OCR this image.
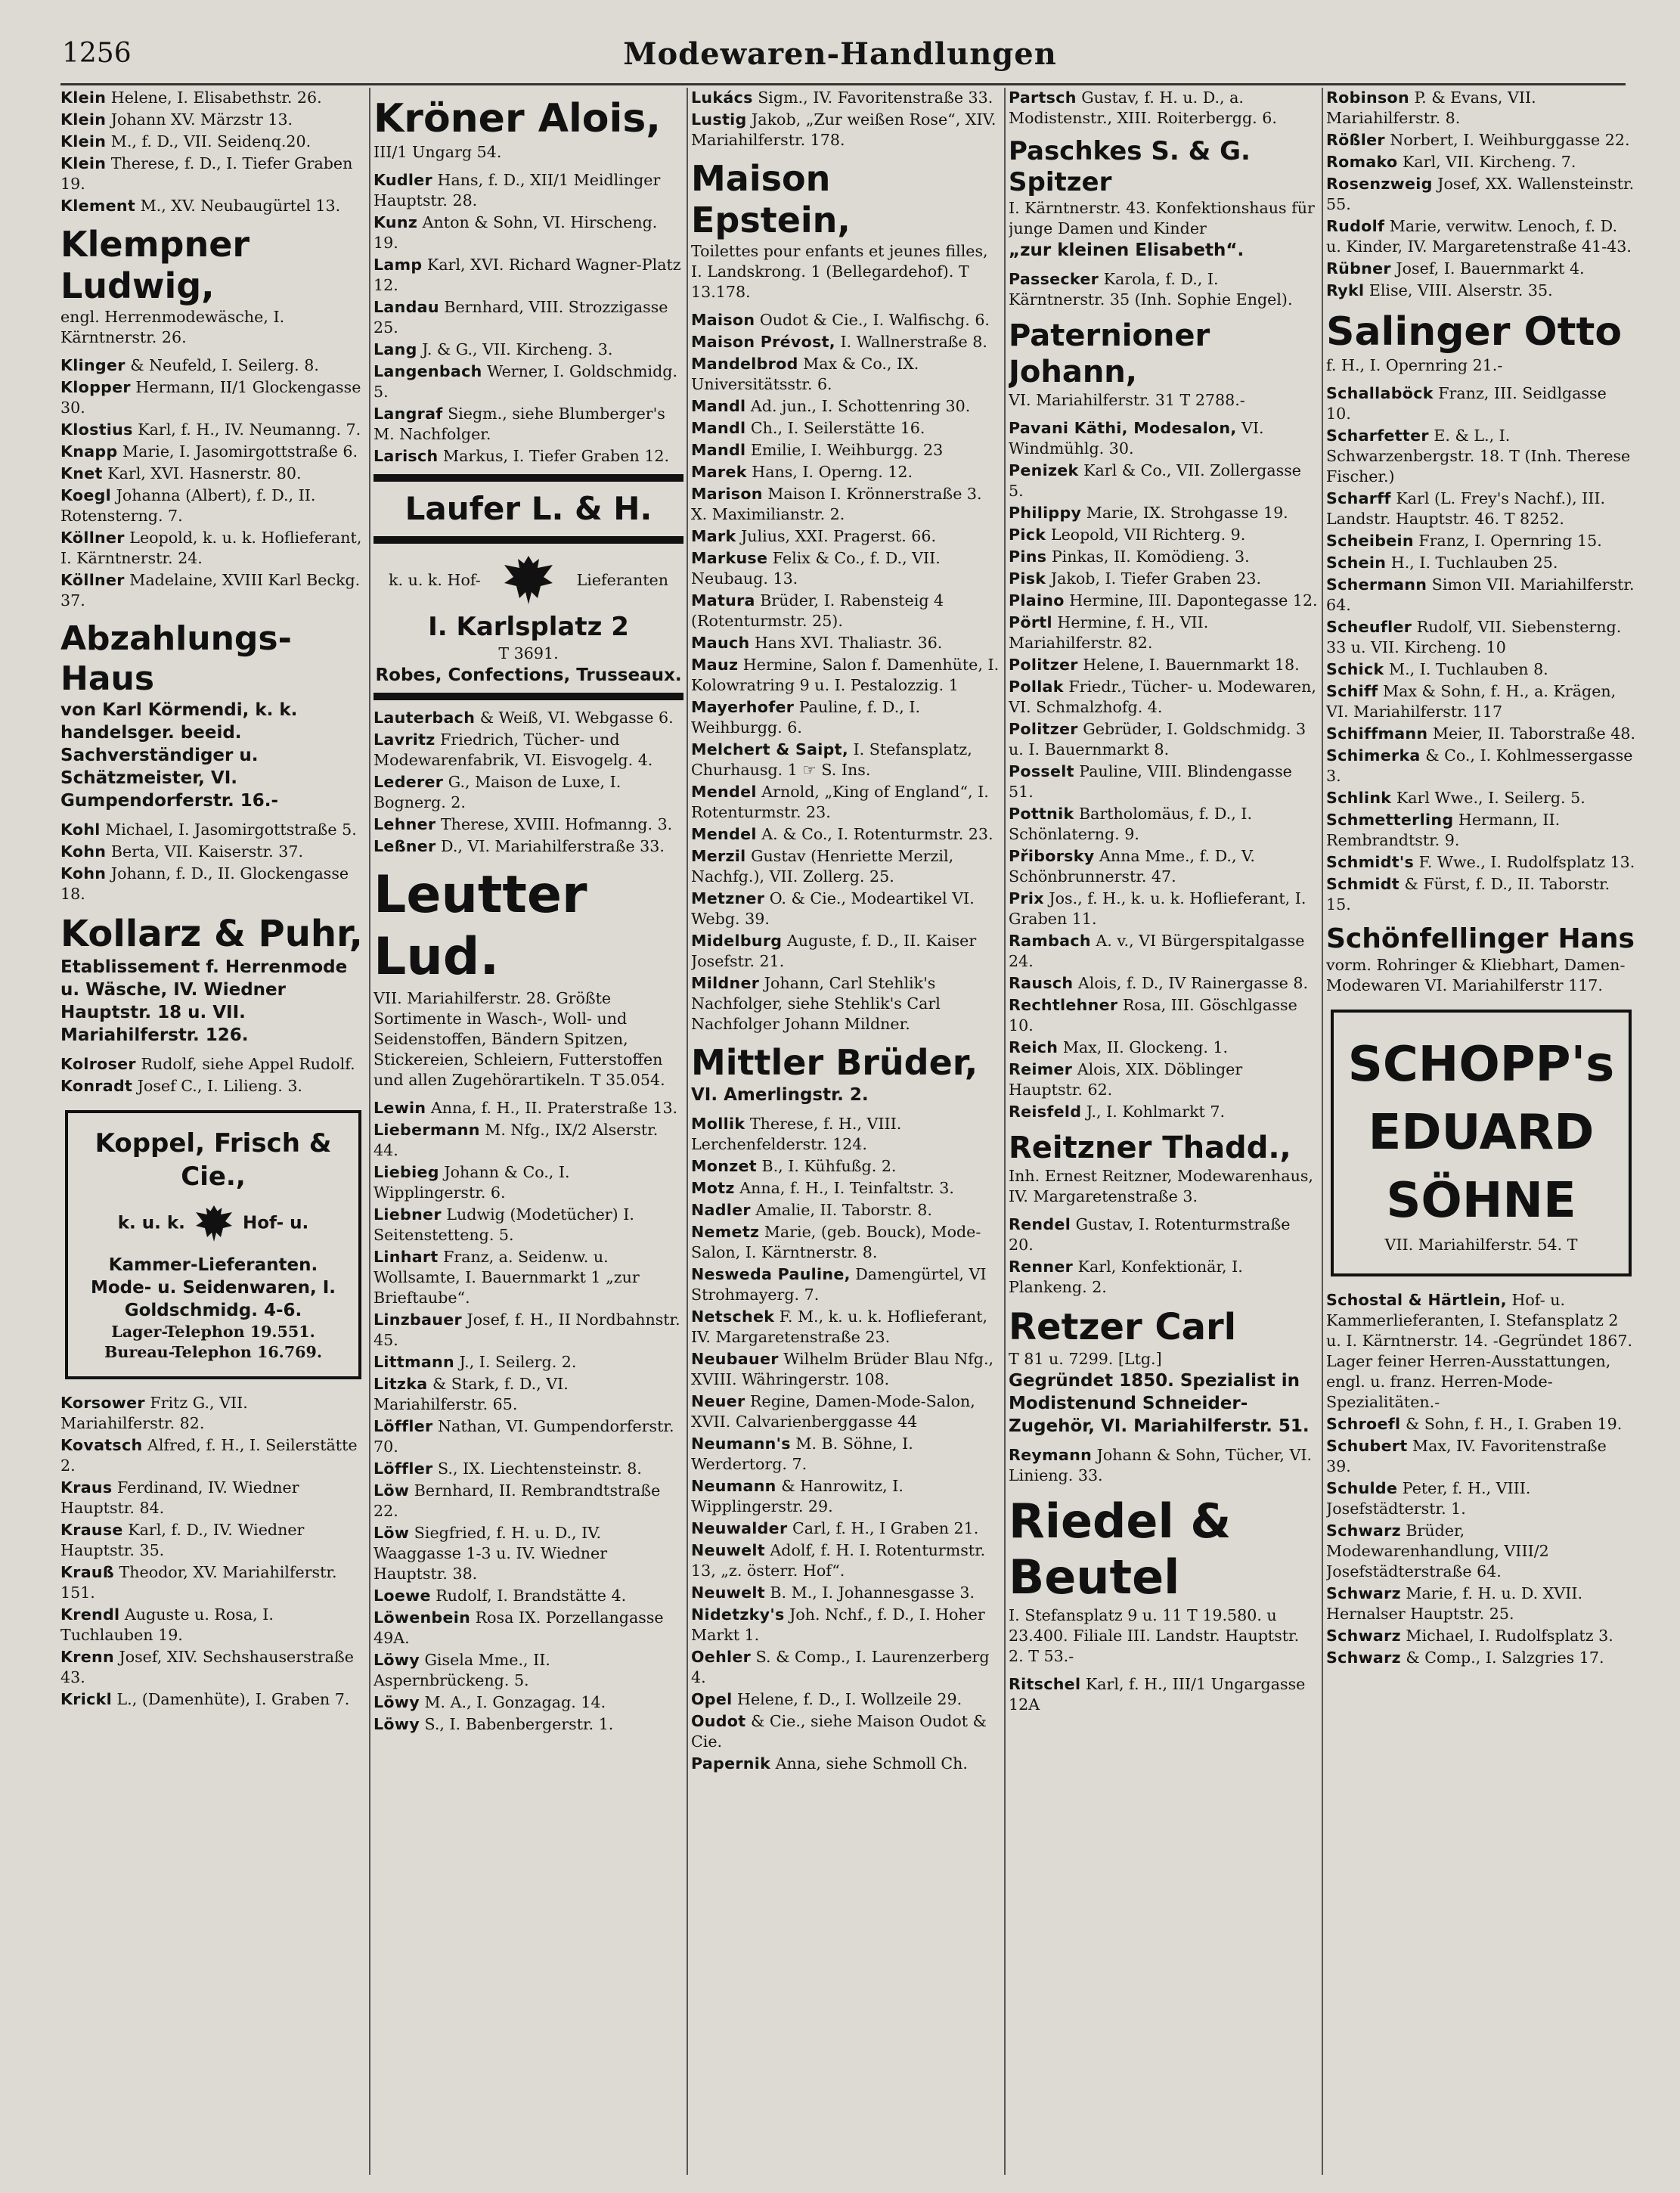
1256	Modewaren-Handlungen
Klein Helene, I. Elisabethstr. 26.
Klein Johann XV. Märzstr 13.
Klein M., f. D., VII. Seidenq.20.
Klein Therese, f. D., I. Tiefer Graben 19.
Klement M., XV. Neubaugürtel 13.
Klempner Ludwig,
engl. Herrenmodewäsche, I. Kärntnerstr. 26.
Klinger & Neufeld, I. Seilerg. 8.
Klopper Hermann, II/1 Glockengasse 30.
Klostius Karl, f. H., IV. Neumanng. 7.
Knapp Marie, I. Jasomirgottstraße 6.
Knet Karl, XVI. Hasnerstr. 80.
Koegl Johanna (Albert), f. D., II. Rotensterng. 7.
Köllner Leopold, k. u. k. Hoflieferant, I. Kärntnerstr. 24.
Köllner Madelaine, XVIII Karl Beckg. 37.
Abzahlungs-Haus
von Karl Körmendi, k. k. handelsger. beeid. Sachverständiger u. Schätzmeister, VI. Gumpendorferstr. 16.-
Kohl Michael, I. Jasomirgottstraße 5.
Kohn Berta, VII. Kaiserstr. 37.
Kohn Johann, f. D., II. Glockengasse 18.
Kollarz & Puhr,
Etablissement f. Herrenmode u. Wäsche, IV. Wiedner Hauptstr. 18 u. VII. Mariahilferstr. 126.
Kolroser Rudolf, siehe Appel Rudolf.
Konradt Josef C., I. Lilieng. 3.
Koppel, Frisch & Cie.,
k. u. k.	Hof- u.
Kammer-Lieferanten. Mode- u. Seidenwaren, I. Goldschmidg. 4-6.
Lager-Telephon 19.551.
Bureau-Telephon 16.769.
Korsower Fritz G., VII. Mariahilferstr. 82.
Kovatsch Alfred, f. H., I. Seilerstätte 2.
Kraus Ferdinand, IV. Wiedner Hauptstr. 84.
Krause Karl, f. D., IV. Wiedner Hauptstr. 35.
Krauß Theodor, XV. Mariahilferstr. 151.
Krendl Auguste u. Rosa, I. Tuchlauben 19.
Krenn Josef, XIV. Sechshauserstraße 43.
Krickl L., (Damenhüte), I. Graben 7.
Kröner Alois,
III/1 Ungarg 54.
Kudler Hans, f. D., XII/1 Meidlinger Hauptstr. 28.
Kunz Anton & Sohn, VI. Hirscheng. 19.
Lamp Karl, XVI. Richard Wagner-Platz 12.
Landau Bernhard, VIII. Strozzigasse 25.
Lang J. & G., VII. Kircheng. 3.
Langenbach Werner, I. Goldschmidg. 5.
Langraf Siegm., siehe Blumberger's M. Nachfolger.
Larisch Markus, I. Tiefer Graben 12.
Laufer L. & H.
k. u. k. Hof-	Lieferanten
I. Karlsplatz 2
T 3691.
Robes, Confections, Trusseaux.
Lauterbach & Weiß, VI. Webgasse 6.
Lavritz Friedrich, Tücher- und Modewarenfabrik, VI. Eisvogelg. 4.
Lederer G., Maison de Luxe, I. Bognerg. 2.
Lehner Therese, XVIII. Hofmanng. 3.
Leßner D., VI. Mariahilferstraße 33.
Leutter Lud.
VII. Mariahilferstr. 28. Größte Sortimente in Wasch-, Woll- und Seidenstoffen, Bändern Spitzen, Stickereien, Schleiern, Futterstoffen und allen Zugehörartikeln. T 35.054.
Lewin Anna, f. H., II. Praterstraße 13.
Liebermann M. Nfg., IX/2 Alserstr. 44.
Liebieg Johann & Co., I. Wipplingerstr. 6.
Liebner Ludwig (Modetücher) I. Seitenstetteng. 5.
Linhart Franz, a. Seidenw. u. Wollsamte, I. Bauernmarkt 1 „zur Brieftaube“.
Linzbauer Josef, f. H., II Nordbahnstr. 45.
Littmann J., I. Seilerg. 2.
Litzka & Stark, f. D., VI. Mariahilferstr. 65.
Löffler Nathan, VI. Gumpendorferstr. 70.
Löffler S., IX. Liechtensteinstr. 8.
Löw Bernhard, II. Rembrandtstraße 22.
Löw Siegfried, f. H. u. D., IV. Waaggasse 1-3 u. IV. Wiedner Hauptstr. 38.
Loewe Rudolf, I. Brandstätte 4.
Löwenbein Rosa IX. Porzellangasse 49A.
Löwy Gisela Mme., II. Aspernbrückeng. 5.
Löwy M. A., I. Gonzagag. 14.
Löwy S., I. Babenbergerstr. 1.
Lukács Sigm., IV. Favoritenstraße 33.
Lustig Jakob, „Zur weißen Rose“, XIV. Mariahilferstr. 178.
Maison Epstein,
Toilettes pour enfants et jeunes filles, I. Landskrong. 1 (Bellegardehof). T 13.178.
Maison Oudot & Cie., I. Walfischg. 6.
Maison Prévost, I. Wallnerstraße 8.
Mandelbrod Max & Co., IX. Universitätsstr. 6.
Mandl Ad. jun., I. Schottenring 30.
Mandl Ch., I. Seilerstätte 16.
Mandl Emilie, I. Weihburgg. 23
Marek Hans, I. Operng. 12.
Marison Maison I. Krönnerstraße 3. X. Maximilianstr. 2.
Mark Julius, XXI. Pragerst. 66.
Markuse Felix & Co., f. D., VII. Neubaug. 13.
Matura Brüder, I. Rabensteig 4 (Rotenturmstr. 25).
Mauch Hans XVI. Thaliastr. 36.
Mauz Hermine, Salon f. Damenhüte, I. Kolowratring 9 u. I. Pestalozzig. 1
Mayerhofer Pauline, f. D., I. Weihburgg. 6.
Melchert & Saipt, I. Stefansplatz, Churhausg. 1 ☞ S. Ins.
Mendel Arnold, „King of England“, I. Rotenturmstr. 23.
Mendel A. & Co., I. Rotenturmstr. 23.
Merzil Gustav (Henriette Merzil, Nachfg.), VII. Zollerg. 25.
Metzner O. & Cie., Modeartikel VI. Webg. 39.
Midelburg Auguste, f. D., II. Kaiser Josefstr. 21.
Mildner Johann, Carl Stehlik's Nachfolger, siehe Stehlik's Carl Nachfolger Johann Mildner.
Mittler Brüder,
VI. Amerlingstr. 2.
Mollik Therese, f. H., VIII. Lerchenfelderstr. 124.
Monzet B., I. Kühfußg. 2.
Motz Anna, f. H., I. Teinfaltstr. 3.
Nadler Amalie, II. Taborstr. 8.
Nemetz Marie, (geb. Bouck), Mode-Salon, I. Kärntnerstr. 8.
Neswedа Pauline, Damengürtel, VI Strohmayerg. 7.
Netschek F. M., k. u. k. Hoflieferant, IV. Margaretenstraße 23.
Neubauer Wilhelm Brüder Blau Nfg., XVIII. Währingerstr. 108.
Neuer Regine, Damen-Mode-Salon, XVII. Calvarienberggasse 44
Neumann's M. B. Söhne, I. Werdertorg. 7.
Neumann & Hanrowitz, I. Wipplingerstr. 29.
Neuwalder Carl, f. H., I Graben 21.
Neuwelt Adolf, f. H. I. Rotenturmstr. 13, „z. österr. Hof“.
Neuwelt B. M., I. Johannesgasse 3.
Nidetzky's Joh. Nchf., f. D., I. Hoher Markt 1.
Oehler S. & Comp., I. Laurenzerberg 4.
Opel Helene, f. D., I. Wollzeile 29.
Oudot & Cie., siehe Maison Oudot & Cie.
Papernik Anna, siehe Schmoll Ch.
Partsch Gustav, f. H. u. D., a. Modistenstr., XIII. Roiterbergg. 6.
Paschkes S. & G. Spitzer
I. Kärntnerstr. 43. Konfektionshaus für junge Damen und Kinder
„zur kleinen Elisabeth“.
Passecker Karola, f. D., I. Kärntnerstr. 35 (Inh. Sophie Engel).
Paternioner Johann,
VI. Mariahilferstr. 31 T 2788.-
Pavani Käthi, Modesalon, VI. Windmühlg. 30.
Penizek Karl & Co., VII. Zollergasse 5.
Philippy Marie, IX. Strohgasse 19.
Pick Leopold, VII Richterg. 9.
Pins Pinkas, II. Komödieng. 3.
Pisk Jakob, I. Tiefer Graben 23.
Plaino Hermine, III. Dapontegasse 12.
Pörtl Hermine, f. H., VII. Mariahilferstr. 82.
Politzer Helene, I. Bauernmarkt 18.
Pollak Friedr., Tücher- u. Modewaren, VI. Schmalzhofg. 4.
Politzer Gebrüder, I. Goldschmidg. 3 u. I. Bauernmarkt 8.
Posselt Pauline, VIII. Blindengasse 51.
Pottnik Bartholomäus, f. D., I. Schönlaterng. 9.
Přiborsky Anna Mme., f. D., V. Schönbrunnerstr. 47.
Prix Jos., f. H., k. u. k. Hoflieferant, I. Graben 11.
Rambach A. v., VI Bürgerspitalgasse 24.
Rausch Alois, f. D., IV Rainergasse 8.
Rechtlehner Rosa, III. Göschlgasse 10.
Reich Max, II. Glockeng. 1.
Reimer Alois, XIX. Döblinger Hauptstr. 62.
Reisfeld J., I. Kohlmarkt 7.
Reitzner Thadd.,
Inh. Ernest Reitzner, Modewarenhaus, IV. Margaretenstraße 3.
Rendel Gustav, I. Rotenturmstraße 20.
Renner Karl, Konfektionär, I. Plankeng. 2.
Retzer Carl
T 81 u. 7299. [Ltg.]
Gegründet 1850. Spezialist in Modistenund Schneider-Zugehör, VI. Mariahilferstr. 51.
Reymann Johann & Sohn, Tücher, VI. Linieng. 33.
Riedel & Beutel
I. Stefansplatz 9 u. 11 T 19.580. u 23.400. Filiale III. Landstr. Hauptstr. 2. T 53.-
Ritschel Karl, f. H., III/1 Ungargasse 12A
Robinson P. & Evans, VII. Mariahilferstr. 8.
Rößler Norbert, I. Weihburggasse 22.
Romako Karl, VII. Kircheng. 7.
Rosenzweig Josef, XX. Wallensteinstr. 55.
Rudolf Marie, verwitw. Lenoch, f. D. u. Kinder, IV. Margaretenstraße 41-43.
Rübner Josef, I. Bauernmarkt 4.
Rykl Elise, VIII. Alserstr. 35.
Salinger Otto
f. H., I. Opernring 21.-
Schallaböck Franz, III. Seidlgasse 10.
Scharfetter E. & L., I. Schwarzenbergstr. 18. T (Inh. Therese Fischer.)
Scharff Karl (L. Frey's Nachf.), III. Landstr. Hauptstr. 46. T 8252.
Scheibein Franz, I. Opernring 15.
Schein H., I. Tuchlauben 25.
Schermann Simon VII. Mariahilferstr. 64.
Scheufler Rudolf, VII. Siebensterng. 33 u. VII. Kircheng. 10
Schick M., I. Tuchlauben 8.
Schiff Max & Sohn, f. H., a. Krägen, VI. Mariahilferstr. 117
Schiffmann Meier, II. Taborstraße 48.
Schimerka & Co., I. Kohlmessergasse 3.
Schlink Karl Wwe., I. Seilerg. 5.
Schmetterling Hermann, II. Rembrandtstr. 9.
Schmidt's F. Wwe., I. Rudolfsplatz 13.
Schmidt & Fürst, f. D., II. Taborstr. 15.
Schönfellinger Hans
vorm. Rohringer & Kliebhart, Damen-Modewaren VI. Mariahilferstr 117.
SCHOPP's
EDUARD
SÖHNE
VII. Mariahilferstr. 54. T
Schostal & Härtlein, Hof- u. Kammerlieferanten, I. Stefansplatz 2 u. I. Kärntnerstr. 14. -Gegründet 1867. Lager feiner Herren-Ausstattungen, engl. u. franz. Herren-Mode-Spezialitäten.-
Schroefl & Sohn, f. H., I. Graben 19.
Schubert Max, IV. Favoritenstraße 39.
Schulde Peter, f. H., VIII. Josefstädterstr. 1.
Schwarz Brüder, Modewarenhandlung, VIII/2 Josefstädterstraße 64.
Schwarz Marie, f. H. u. D. XVII. Hernalser Hauptstr. 25.
Schwarz Michael, I. Rudolfsplatz 3.
Schwarz & Comp., I. Salzgries 17.
